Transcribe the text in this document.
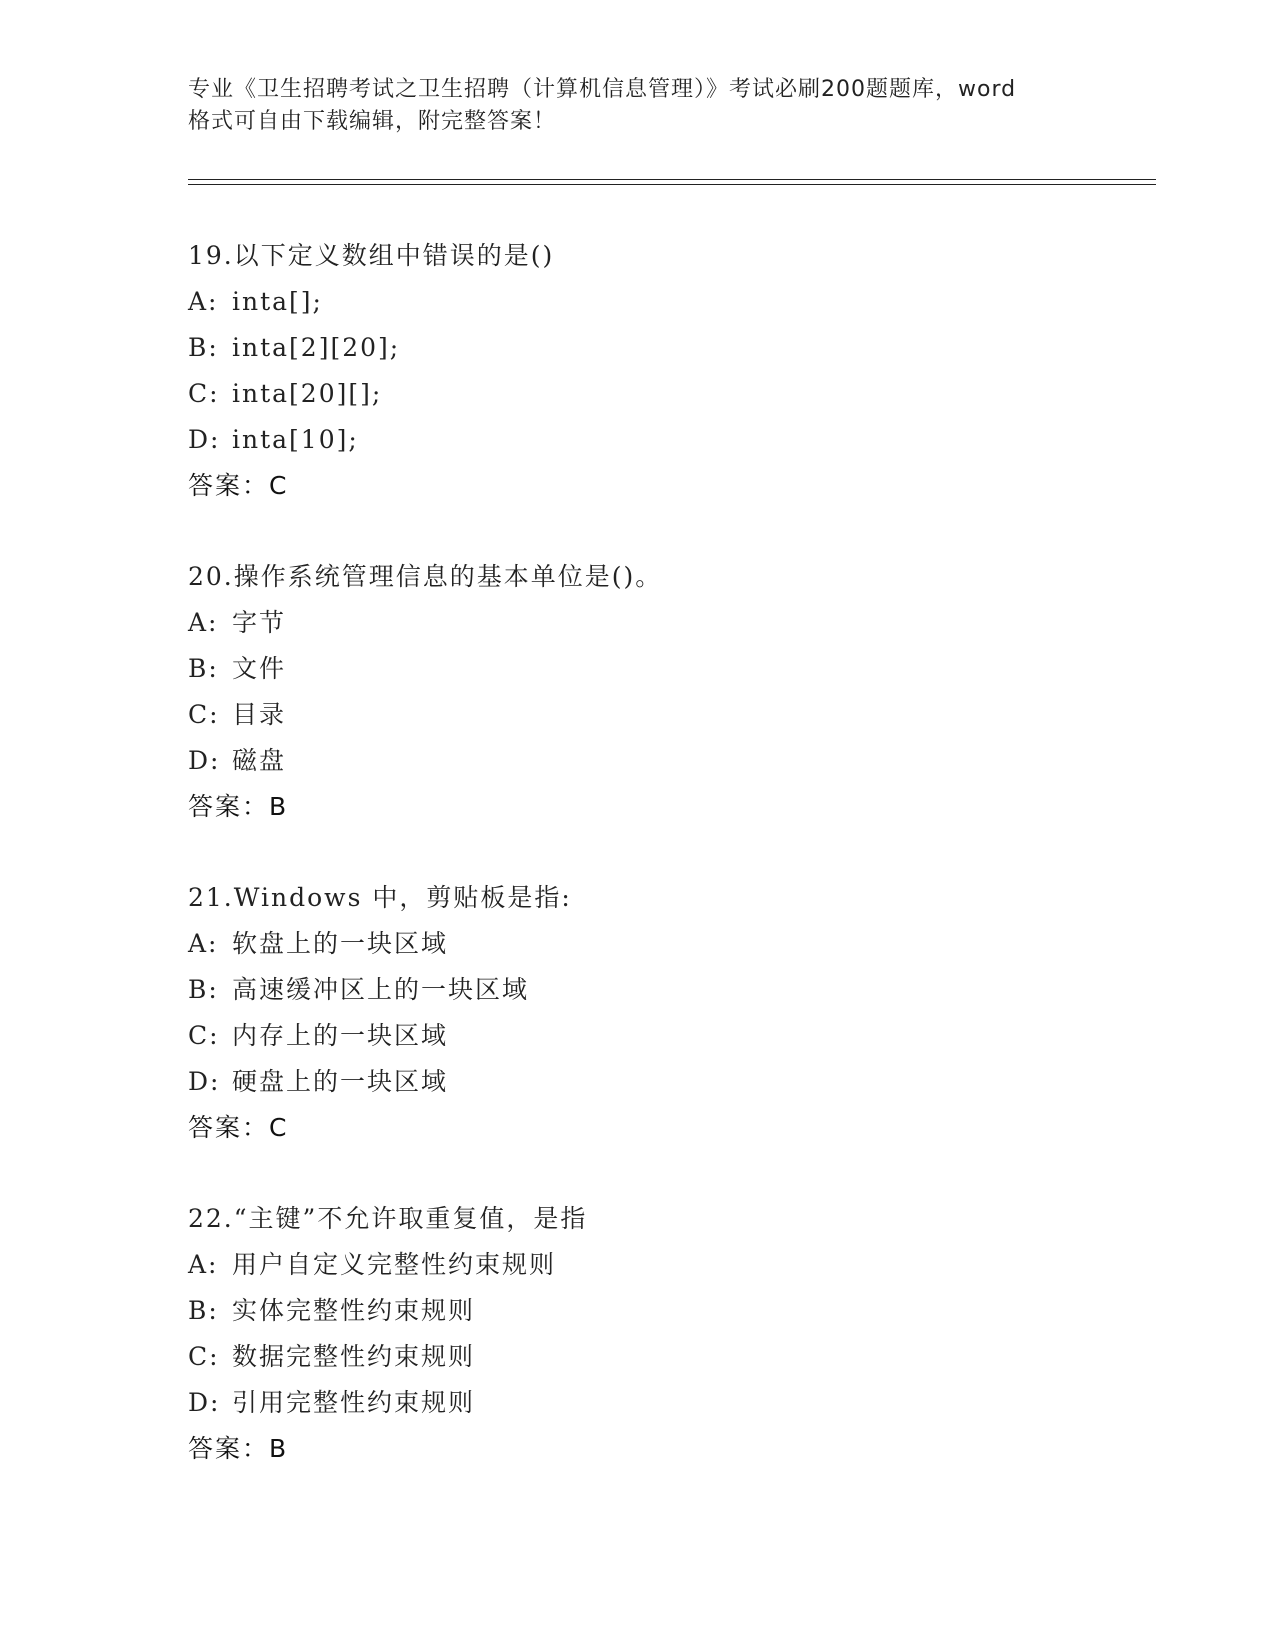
专业《卫生招聘考试之卫生招聘（计算机信息管理）》考试必刷200题题库，word
格式可自由下载编辑，附完整答案！
19.以下定义数组中错误的是()
A: inta[];
B: inta[2][20];
C: inta[20][];
D: inta[10];
答案：C
20.操作系统管理信息的基本单位是()。
A: 字节
B: 文件
C: 目录
D: 磁盘
答案：B
21.Windows 中，剪贴板是指:
A: 软盘上的一块区域
B: 高速缓冲区上的一块区域
C: 内存上的一块区域
D: 硬盘上的一块区域
答案：C
22.“主键”不允许取重复值，是指
A: 用户自定义完整性约束规则
B: 实体完整性约束规则
C: 数据完整性约束规则
D: 引用完整性约束规则
答案：B
